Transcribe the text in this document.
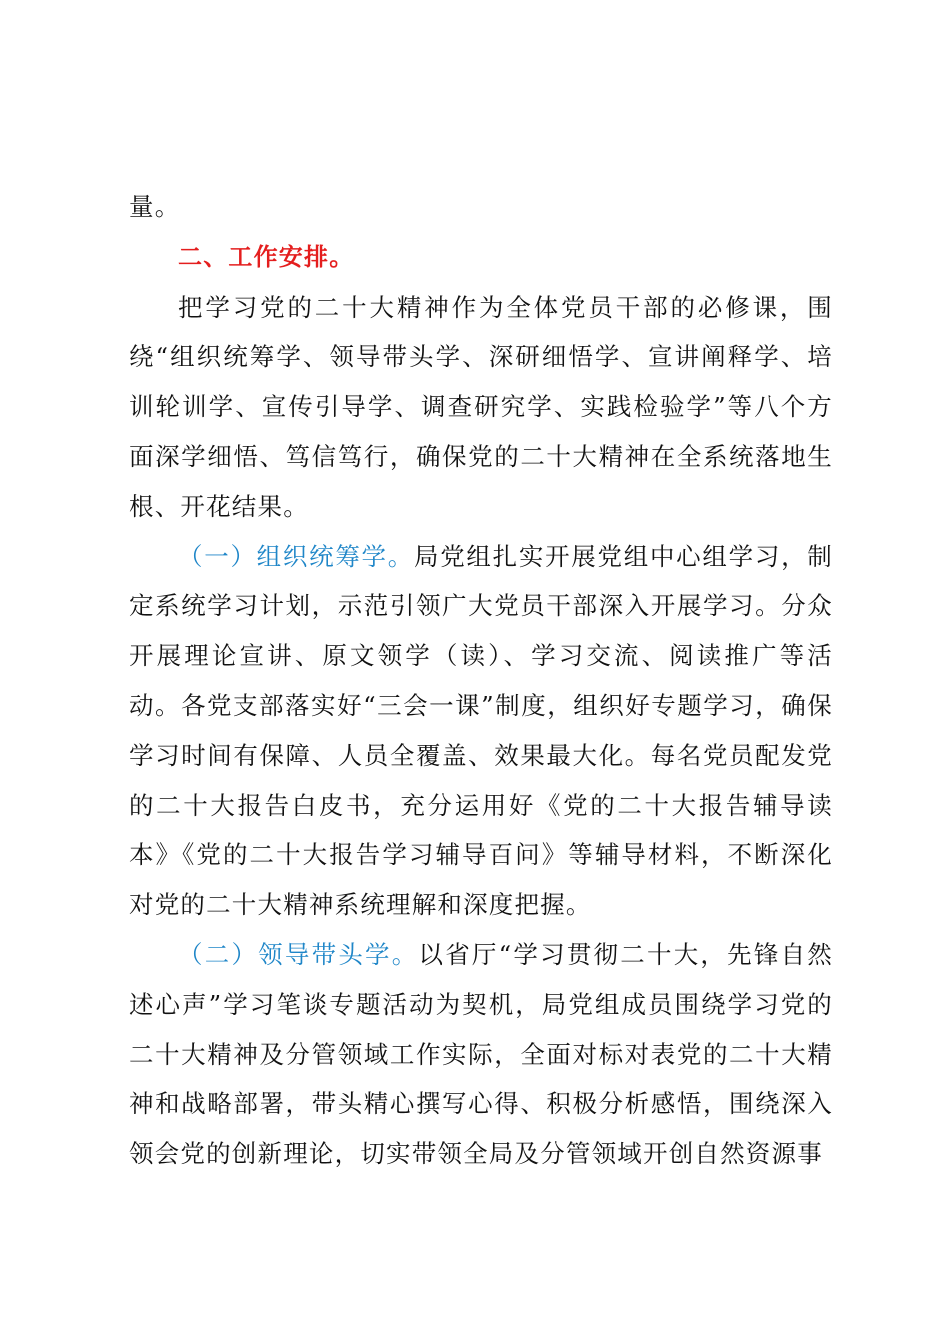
量。

二、工作安排。

把学习党的二十大精神作为全体党员干部的必修课，围绕“组织统筹学、领导带头学、深研细悟学、宣讲阐释学、培训轮训学、宣传引导学、调查研究学、实践检验学”等八个方面深学细悟、笃信笃行，确保党的二十大精神在全系统落地生根、开花结果。

（一）组织统筹学。局党组扎实开展党组中心组学习，制定系统学习计划，示范引领广大党员干部深入开展学习。分众开展理论宣讲、原文领学（读）、学习交流、阅读推广等活动。各党支部落实好“三会一课”制度，组织好专题学习，确保学习时间有保障、人员全覆盖、效果最大化。每名党员配发党的二十大报告白皮书，充分运用好《党的二十大报告辅导读本》《党的二十大报告学习辅导百问》等辅导材料，不断深化对党的二十大精神系统理解和深度把握。

（二）领导带头学。以省厅“学习贯彻二十大，先锋自然述心声”学习笔谈专题活动为契机，局党组成员围绕学习党的二十大精神及分管领域工作实际，全面对标对表党的二十大精神和战略部署，带头精心撰写心得、积极分析感悟，围绕深入领会党的创新理论，切实带领全局及分管领域开创自然资源事
